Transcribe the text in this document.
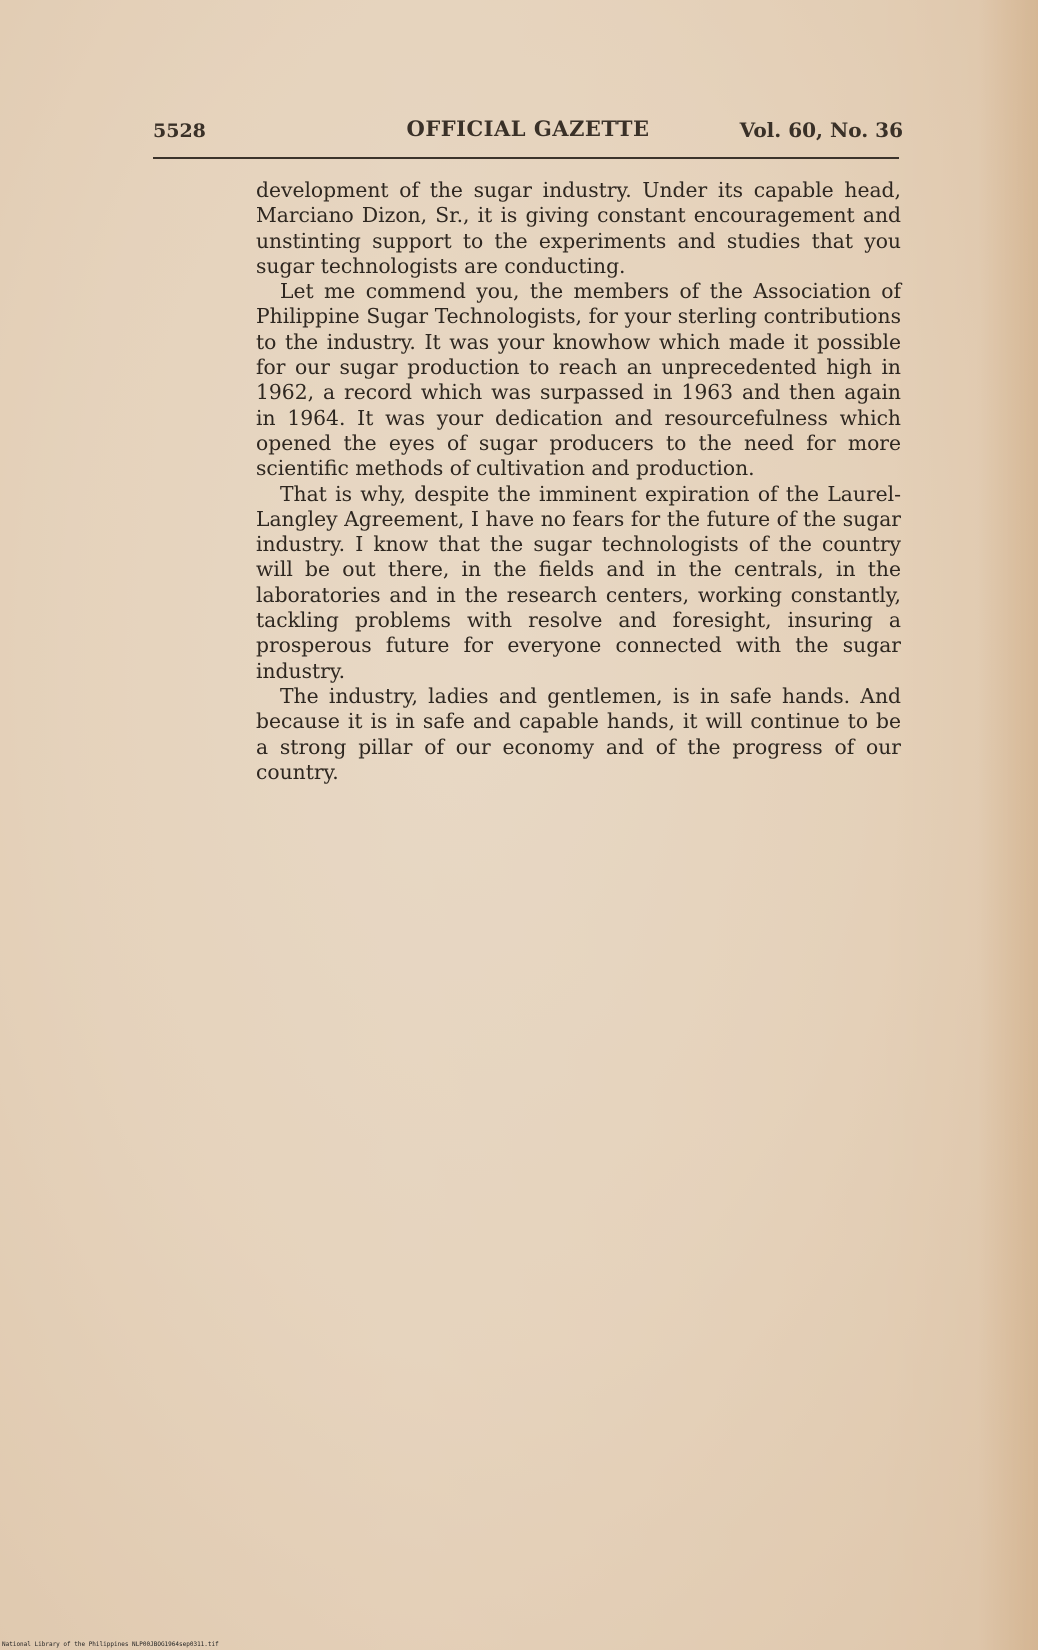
5528	OFFICIAL GAZETTE	Vol. 60, No. 36

development of the sugar industry. Under its capable head, Marciano Dizon, Sr., it is giving constant encouragement and unstinting support to the experiments and studies that you sugar technologists are conducting.

Let me commend you, the members of the Association of Philippine Sugar Technologists, for your sterling contributions to the industry. It was your knowhow which made it possible for our sugar production to reach an unprecedented high in 1962, a record which was surpassed in 1963 and then again in 1964. It was your dedication and resourcefulness which opened the eyes of sugar producers to the need for more scientific methods of cultivation and production.

That is why, despite the imminent expiration of the Laurel-Langley Agreement, I have no fears for the future of the sugar industry. I know that the sugar technologists of the country will be out there, in the fields and in the centrals, in the laboratories and in the research centers, working constantly, tackling problems with resolve and foresight, insuring a prosperous future for everyone connected with the sugar industry.

The industry, ladies and gentlemen, is in safe hands. And because it is in safe and capable hands, it will continue to be a strong pillar of our economy and of the progress of our country.

National Library of the Philippines NLP00JBOG1964sep0311.tif
